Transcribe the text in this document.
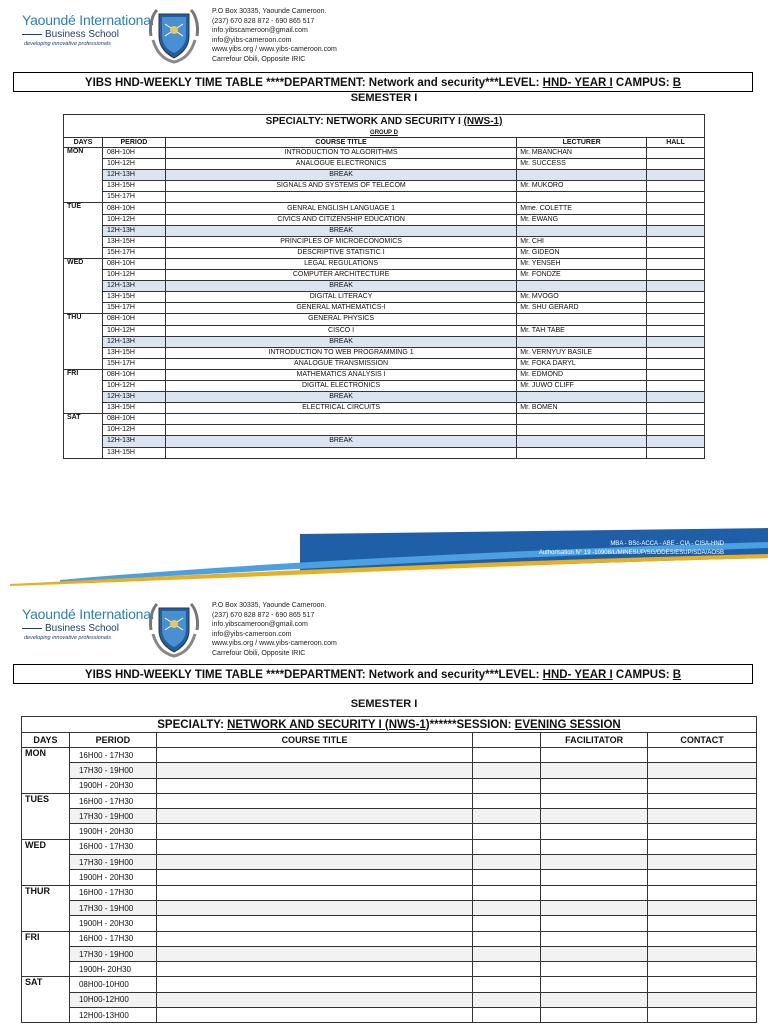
Yaoundé International
Business School
developing innovative professionals
P.O Box 30335, Yaounde Cameroon.
(237) 670 828 872 - 690 865 517
info.yibscameroon@gmail.com
info@yibs-cameroon.com
www.yibs.org / www.yibs-cameroon.com
Carrefour Obili, Opposite IRIC
YIBS HND-WEEKLY TIME TABLE ****DEPARTMENT: Network and security***LEVEL: HND- YEAR I CAMPUS: B
SEMESTER I
SPECIALTY: NETWORK AND SECURITY I (NWS-1)				
GROUP D				
DAYS	PERIOD	COURSE TITLE	LECTURER	HALL
MON	08H-10H	INTRODUCTION TO ALGORITHMS	Mr. MBANCHAN	
	10H-12H	ANALOGUE ELECTRONICS	Mr. SUCCESS	
	12H-13H	BREAK		
	13H-15H	SIGNALS AND SYSTEMS OF TELECOM	Mr. MUKORO	
	15H-17H			
TUE	08H-10H	GENRAL ENGLISH LANGUAGE 1	Mme. COLETTE	
	10H-12H	CIVICS AND CITIZENSHIP EDUCATION	Mr. EWANG	
	12H-13H	BREAK		
	13H-15H	PRINCIPLES OF MICROECONOMICS	Mr. CHI	
	15H-17H	DESCRIPTIVE STATISTIC I	Mr. GIDEON	
WED	08H-10H	LEGAL REGULATIONS	Mr. YENSEH	
	10H-12H	COMPUTER ARCHITECTURE	Mr. FONDZE	
	12H-13H	BREAK		
	13H-15H	DIGITAL LITERACY	Mr. MVOGO	
	15H-17H	GENERAL MATHEMATICS-I	Mr. SHU GERARD	
THU	08H-10H	GENERAL PHYSICS		
	10H-12H	CISCO I	Mr. TAH TABE	
	12H-13H	BREAK		
	13H-15H	INTRODUCTION TO WEB PROGRAMMING 1	Mr. VERNYUY BASILE	
	15H-17H	ANALOGUE TRANSMISSION	Mr. FOKA DARYL	
FRI	08H-10H	MATHEMATICS ANALYSIS I	Mr. EDMOND	
	10H-12H	DIGITAL ELECTRONICS	Mr. JUWO CLIFF	
	12H-13H	BREAK		
	13H-15H	ELECTRICAL CIRCUITS	Mr. BOMEN	
SAT	08H-10H			
	10H-12H			
	12H-13H	BREAK		
	13H-15H			
MBA - BSc-ACCA - ABE - CIA - CISA-HND
Authorisation N° 19 -10908/L/MINESUP/SG/DDES/ESUP/SDA/AOSB
Yaoundé International
Business School
developing innovative professionals
P.O Box 30335, Yaounde Cameroon.
(237) 670 828 872 - 690 865 517
info.yibscameroon@gmail.com
info@yibs-cameroon.com
www.yibs.org / www.yibs-cameroon.com
Carrefour Obili, Opposite IRIC
YIBS HND-WEEKLY TIME TABLE ****DEPARTMENT: Network and security***LEVEL: HND- YEAR I CAMPUS: B
SEMESTER I
SPECIALTY: NETWORK AND SECURITY I (NWS-1)******SESSION: EVENING SESSION					
DAYS	PERIOD	COURSE TITLE		FACILITATOR	CONTACT
MON	16H00 - 17H30				
	17H30 - 19H00				
	1900H - 20H30				
TUES	16H00 - 17H30				
	17H30 - 19H00				
	1900H - 20H30				
WED	16H00 - 17H30				
	17H30 - 19H00				
	1900H - 20H30				
THUR	16H00 - 17H30				
	17H30 - 19H00				
	1900H - 20H30				
FRI	16H00 - 17H30				
	17H30 - 19H00				
	1900H- 20H30				
SAT	08H00-10H00				
	10H00-12H00				
	12H00-13H00				
